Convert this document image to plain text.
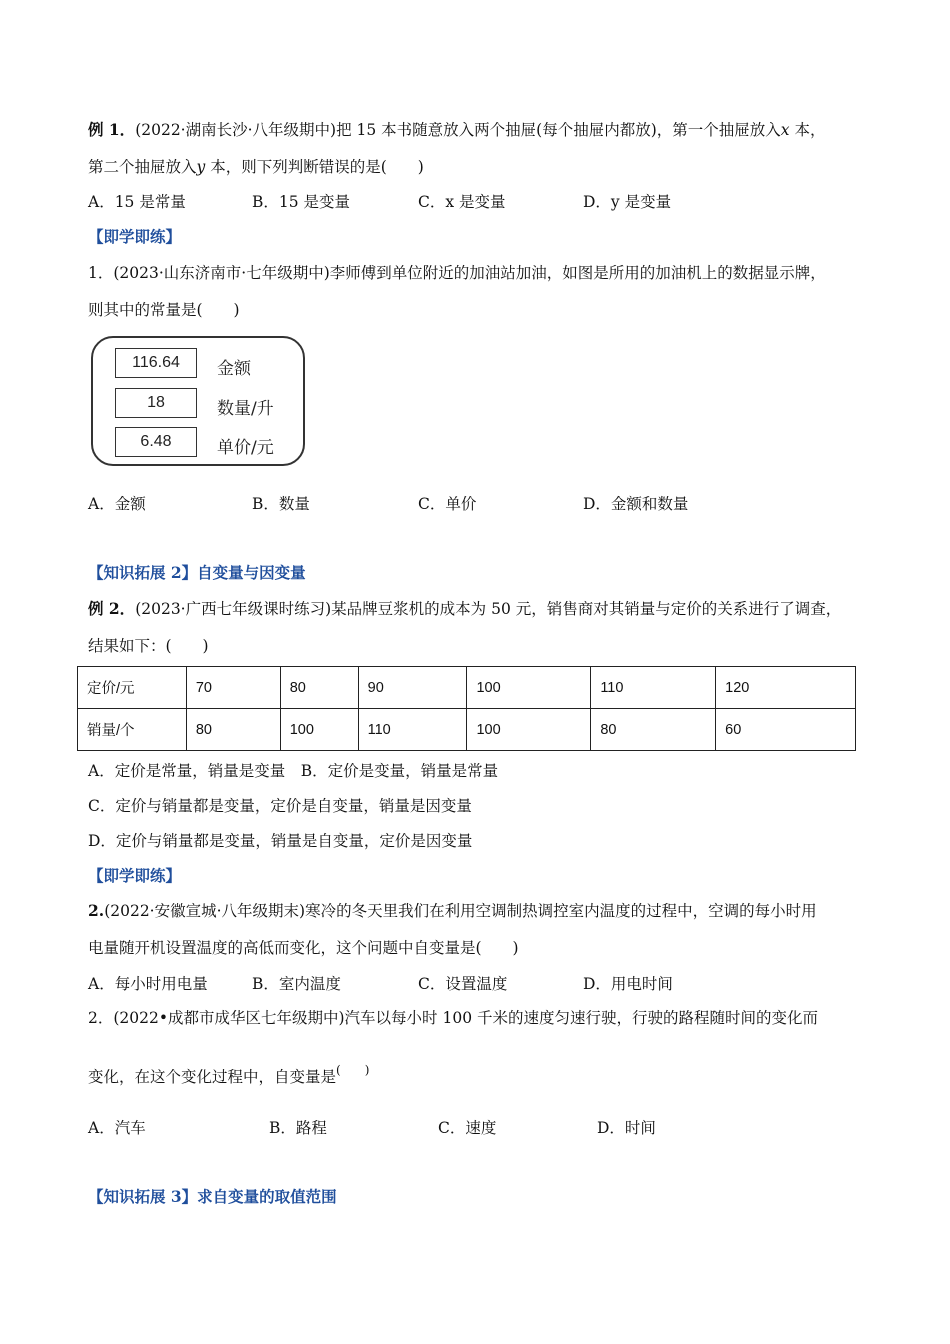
例 1．(2022·湖南长沙·八年级期中)把 15 本书随意放入两个抽屉(每个抽屉内都放)，第一个抽屉放入x 本，
第二个抽屉放入y 本，则下列判断错误的是(　　)
A．15 是常量	B．15 是变量	C．x 是变量	D．y 是变量
【即学即练】
1．(2023·山东济南市·七年级期中)李师傅到单位附近的加油站加油，如图是所用的加油机上的数据显示牌，
则其中的常量是(　　)
116.64	金额
18	数量/升
6.48	单价/元
A．金额	B．数量	C．单价	D．金额和数量
【知识拓展 2】自变量与因变量
例 2．(2023·广西七年级课时练习)某品牌豆浆机的成本为 50 元，销售商对其销量与定价的关系进行了调查，
结果如下：(　　)
定价/元	70	80	90	100	110	120
销量/个	80	100	110	100	80	60
A．定价是常量，销量是变量　B．定价是变量，销量是常量
C．定价与销量都是变量，定价是自变量，销量是因变量
D．定价与销量都是变量，销量是自变量，定价是因变量
【即学即练】
2.(2022·安徽宣城·八年级期末)寒冷的冬天里我们在利用空调制热调控室内温度的过程中，空调的每小时用
电量随开机设置温度的高低而变化，这个问题中自变量是(　　)
A．每小时用电量	B．室内温度	C．设置温度	D．用电时间
2．(2022•成都市成华区七年级期中)汽车以每小时 100 千米的速度匀速行驶，行驶的路程随时间的变化而
变化，在这个变化过程中，自变量是(　　)
A．汽车	B．路程	C．速度	D．时间
【知识拓展 3】求自变量的取值范围
